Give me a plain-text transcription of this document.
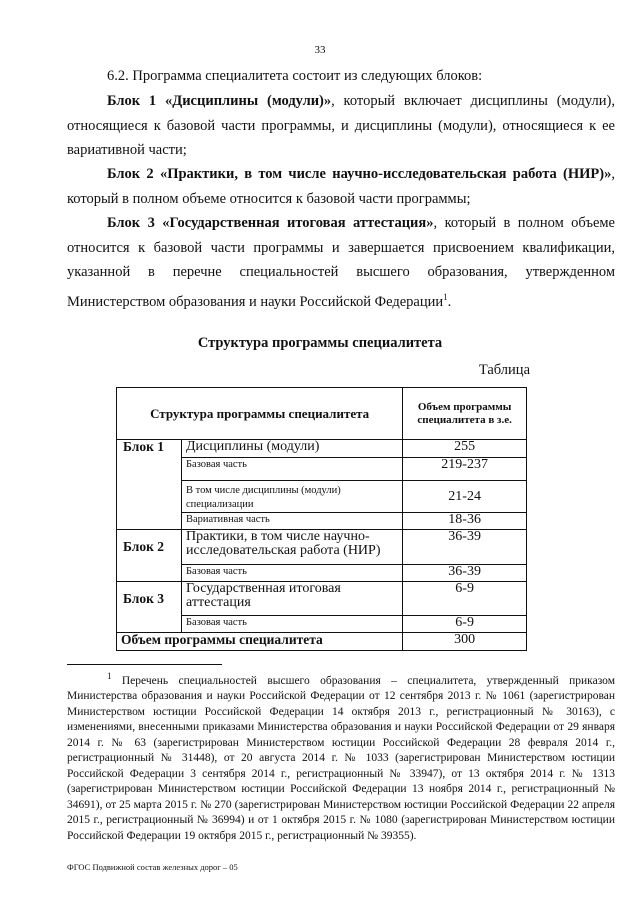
33
6.2. Программа специалитета состоит из следующих блоков:
Блок 1 «Дисциплины (модули)», который включает дисциплины (модули), относящиеся к базовой части программы, и дисциплины (модули), относящиеся к ее вариативной части;
Блок 2 «Практики, в том числе научно-исследовательская работа (НИР)», который в полном объеме относится к базовой части программы;
Блок 3 «Государственная итоговая аттестация», который в полном объеме относится к базовой части программы и завершается присвоением квалификации, указанной в перечне специальностей высшего образования, утвержденном Министерством образования и науки Российской Федерации$^1$.
Структура программы специалитета
Таблица
Структура программы специалитета		Объем программы специалитета в з.е.
Блок 1	Дисциплины (модули)	255
	Базовая часть	219-237
	В том числе дисциплины (модули) специализации	21-24
	Вариативная часть	18-36
Блок 2	Практики, в том числе научно-исследовательская работа (НИР)	36-39
	Базовая часть	36-39
Блок 3	Государственная итоговая аттестация	6-9
	Базовая часть	6-9
Объем программы специалитета		300
$^1$ Перечень специальностей высшего образования – специалитета, утвержденный приказом Министерства образования и науки Российской Федерации от 12 сентября 2013 г. № 1061 (зарегистрирован Министерством юстиции Российской Федерации 14 октября 2013 г., регистрационный № 30163), с изменениями, внесенными приказами Министерства образования и науки Российской Федерации от 29 января 2014 г. № 63 (зарегистрирован Министерством юстиции Российской Федерации 28 февраля 2014 г., регистрационный № 31448), от 20 августа 2014 г. № 1033 (зарегистрирован Министерством юстиции Российской Федерации 3 сентября 2014 г., регистрационный № 33947), от 13 октября 2014 г. № 1313 (зарегистрирован Министерством юстиции Российской Федерации 13 ноября 2014 г., регистрационный № 34691), от 25 марта 2015 г. № 270 (зарегистрирован Министерством юстиции Российской Федерации 22 апреля 2015 г., регистрационный № 36994) и от 1 октября 2015 г. № 1080 (зарегистрирован Министерством юстиции Российской Федерации 19 октября 2015 г., регистрационный № 39355).
ФГОС Подвижной состав железных дорог – 05
